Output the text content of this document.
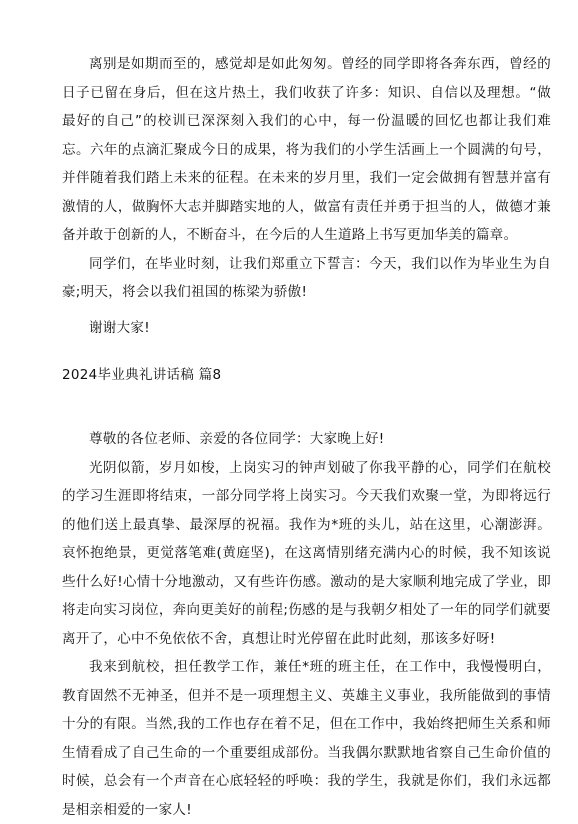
离别是如期而至的，感觉却是如此匆匆。曾经的同学即将各奔东西，曾经的日子已留在身后，但在这片热土，我们收获了许多：知识、自信以及理想。“做最好的自己”的校训已深深刻入我们的心中，每一份温暖的回忆也都让我们难忘。六年的点滴汇聚成今日的成果，将为我们的小学生活画上一个圆满的句号，并伴随着我们踏上未来的征程。在未来的岁月里，我们一定会做拥有智慧并富有激情的人，做胸怀大志并脚踏实地的人，做富有责任并勇于担当的人，做德才兼备并敢于创新的人，不断奋斗，在今后的人生道路上书写更加华美的篇章。

同学们，在毕业时刻，让我们郑重立下誓言：今天，我们以作为毕业生为自豪;明天，将会以我们祖国的栋梁为骄傲!

谢谢大家!

2024毕业典礼讲话稿 篇8

尊敬的各位老师、亲爱的各位同学：大家晚上好!

光阴似箭，岁月如梭，上岗实习的钟声划破了你我平静的心，同学们在航校的学习生涯即将结束，一部分同学将上岗实习。今天我们欢聚一堂，为即将远行的他们送上最真挚、最深厚的祝福。我作为*班的头儿，站在这里，心潮澎湃。哀怀抱绝景，更觉落笔难(黄庭坚)，在这离情别绪充满内心的时候，我不知该说些什么好!心情十分地激动，又有些许伤感。激动的是大家顺利地完成了学业，即将走向实习岗位，奔向更美好的前程;伤感的是与我朝夕相处了一年的同学们就要离开了，心中不免依依不舍，真想让时光停留在此时此刻，那该多好呀!

我来到航校，担任教学工作，兼任*班的班主任，在工作中，我慢慢明白，教育固然不无神圣，但并不是一项理想主义、英雄主义事业，我所能做到的事情十分的有限。当然,我的工作也存在着不足，但在工作中，我始终把师生关系和师生情看成了自己生命的一个重要组成部份。当我偶尔默默地省察自己生命价值的时候，总会有一个声音在心底轻轻的呼唤：我的学生，我就是你们，我们永远都是相亲相爱的一家人!
